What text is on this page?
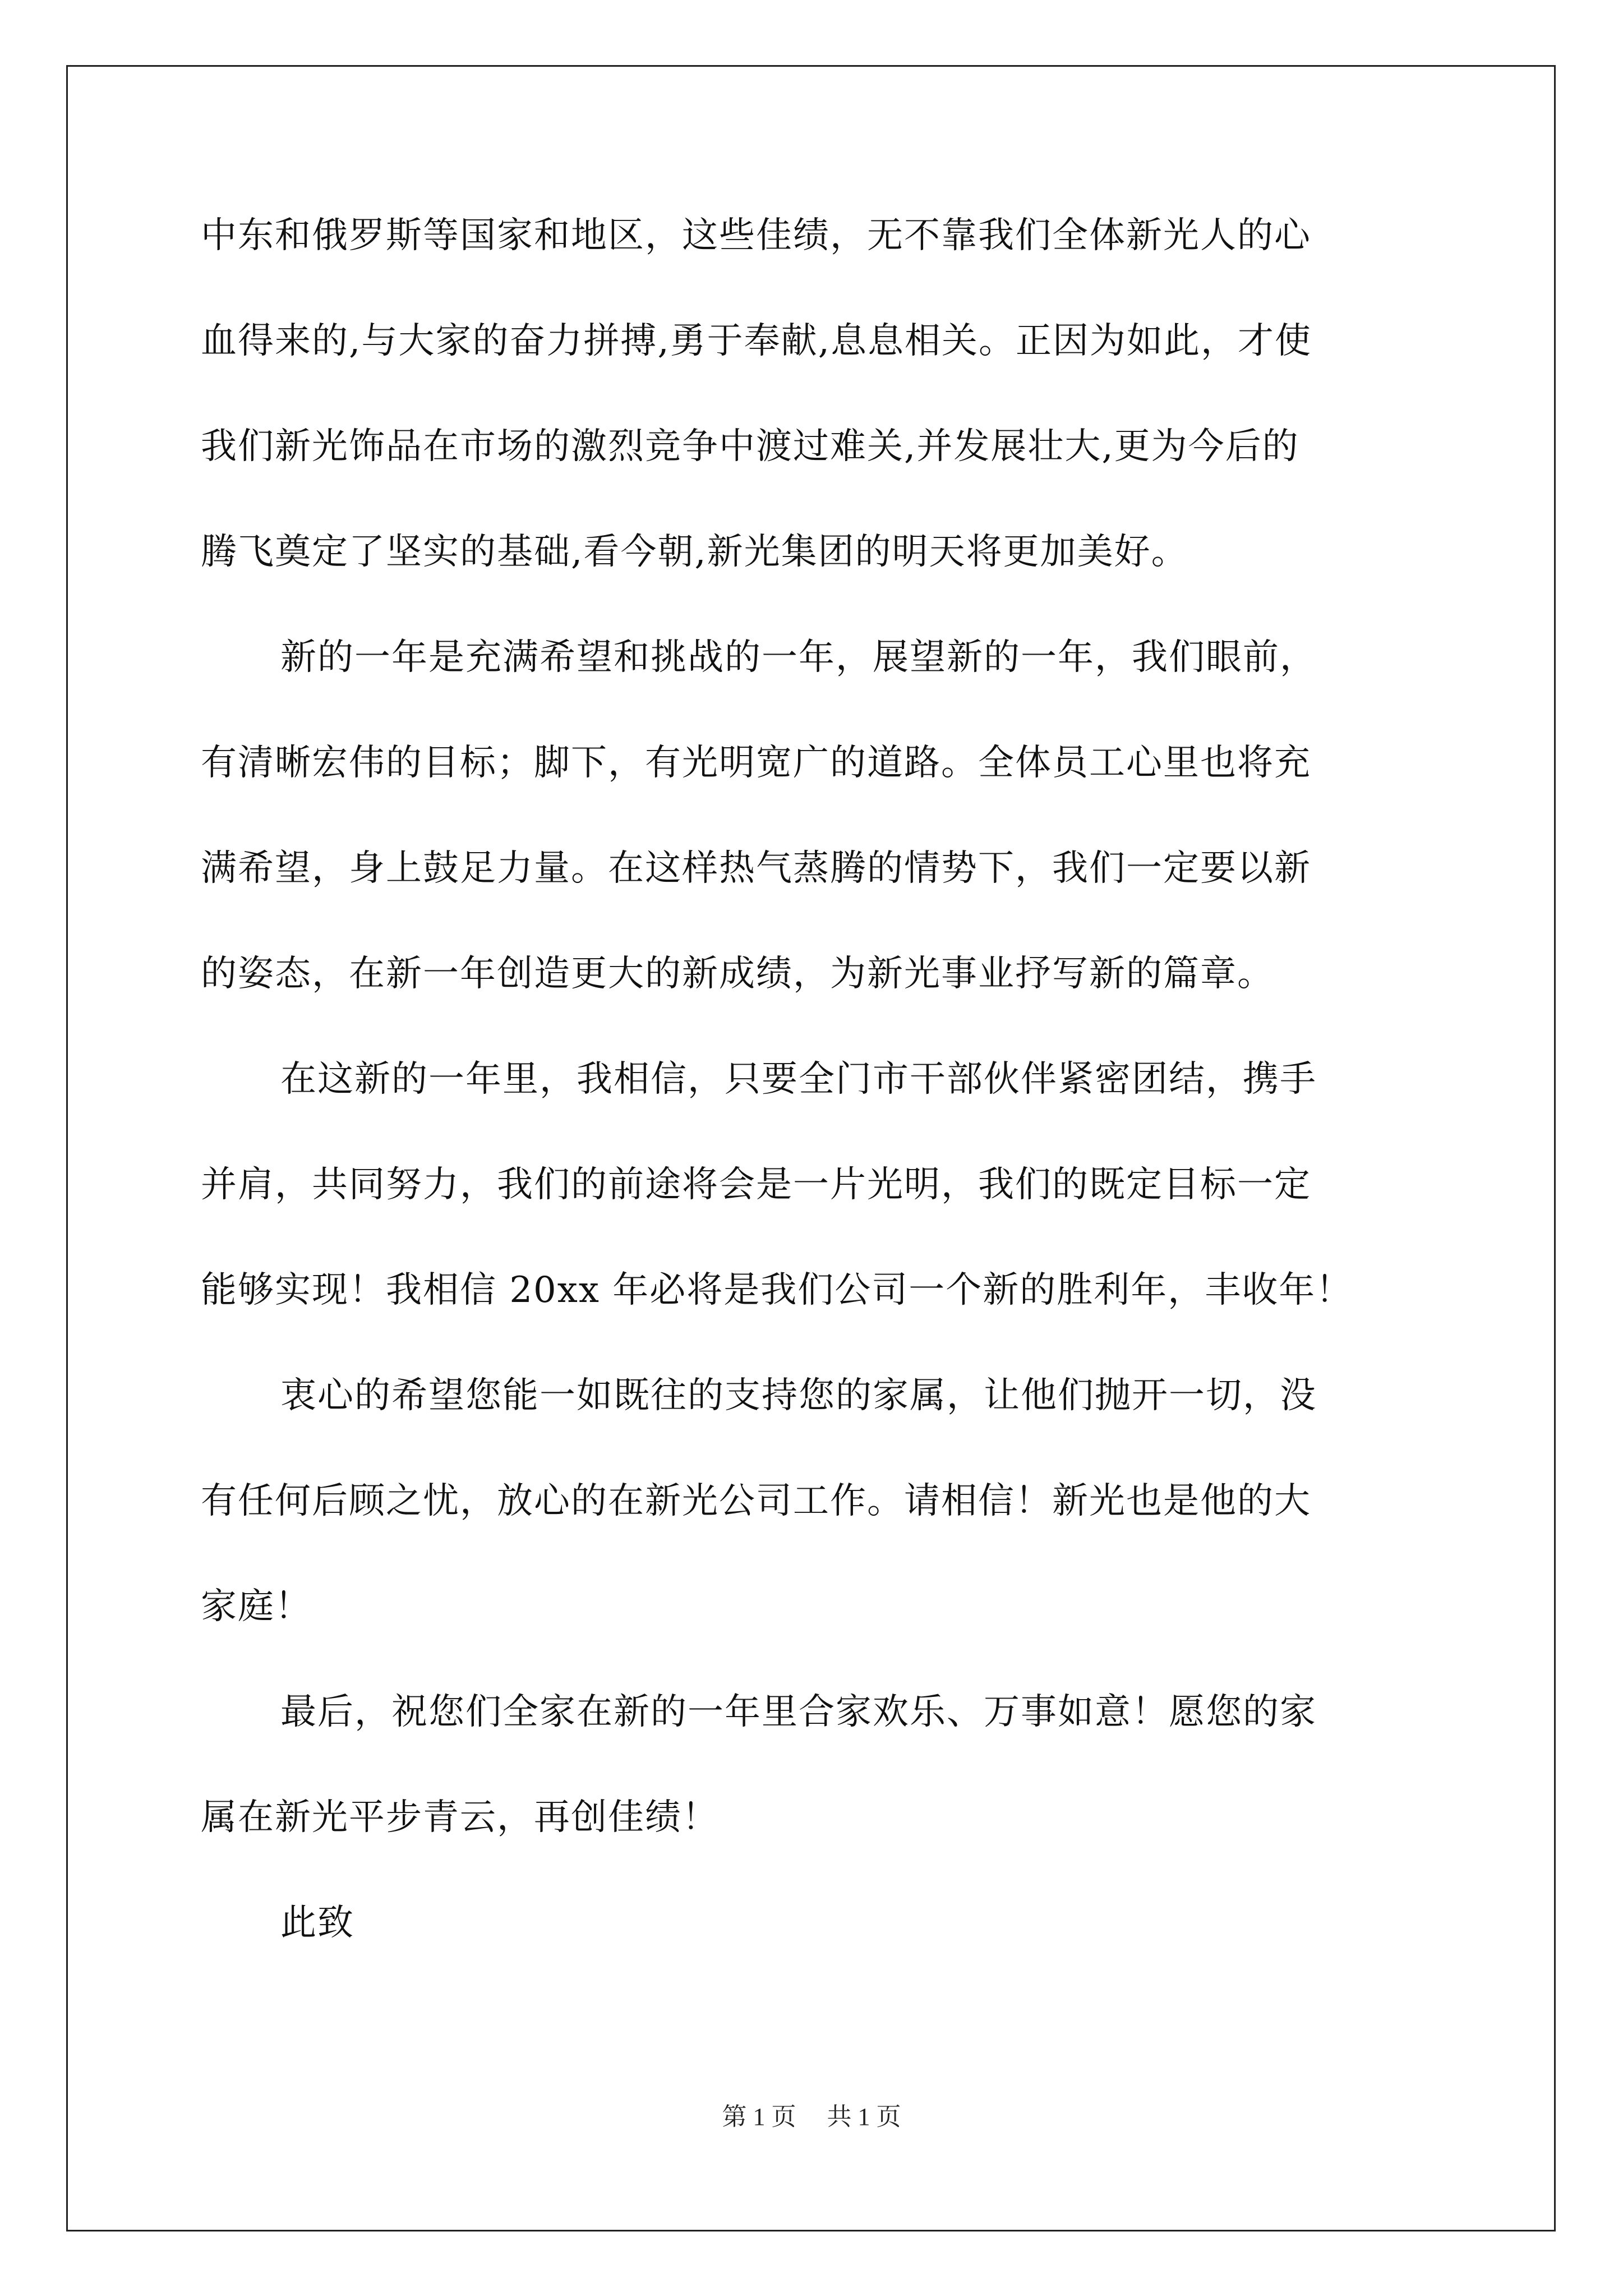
中东和俄罗斯等国家和地区，这些佳绩，无不靠我们全体新光人的心
血得来的,与大家的奋力拼搏,勇于奉献,息息相关。正因为如此，才使
我们新光饰品在市场的激烈竞争中渡过难关,并发展壮大,更为今后的
腾飞奠定了坚实的基础,看今朝,新光集团的明天将更加美好。
新的一年是充满希望和挑战的一年，展望新的一年，我们眼前，
有清晰宏伟的目标；脚下，有光明宽广的道路。全体员工心里也将充
满希望，身上鼓足力量。在这样热气蒸腾的情势下，我们一定要以新
的姿态，在新一年创造更大的新成绩，为新光事业抒写新的篇章。
在这新的一年里，我相信，只要全门市干部伙伴紧密团结，携手
并肩，共同努力，我们的前途将会是一片光明，我们的既定目标一定
能够实现！我相信 20xx 年必将是我们公司一个新的胜利年，丰收年！
衷心的希望您能一如既往的支持您的家属，让他们抛开一切，没
有任何后顾之忧，放心的在新光公司工作。请相信！新光也是他的大
家庭！
最后，祝您们全家在新的一年里合家欢乐、万事如意！愿您的家
属在新光平步青云，再创佳绩！
此致
第 1 页 共 1 页
